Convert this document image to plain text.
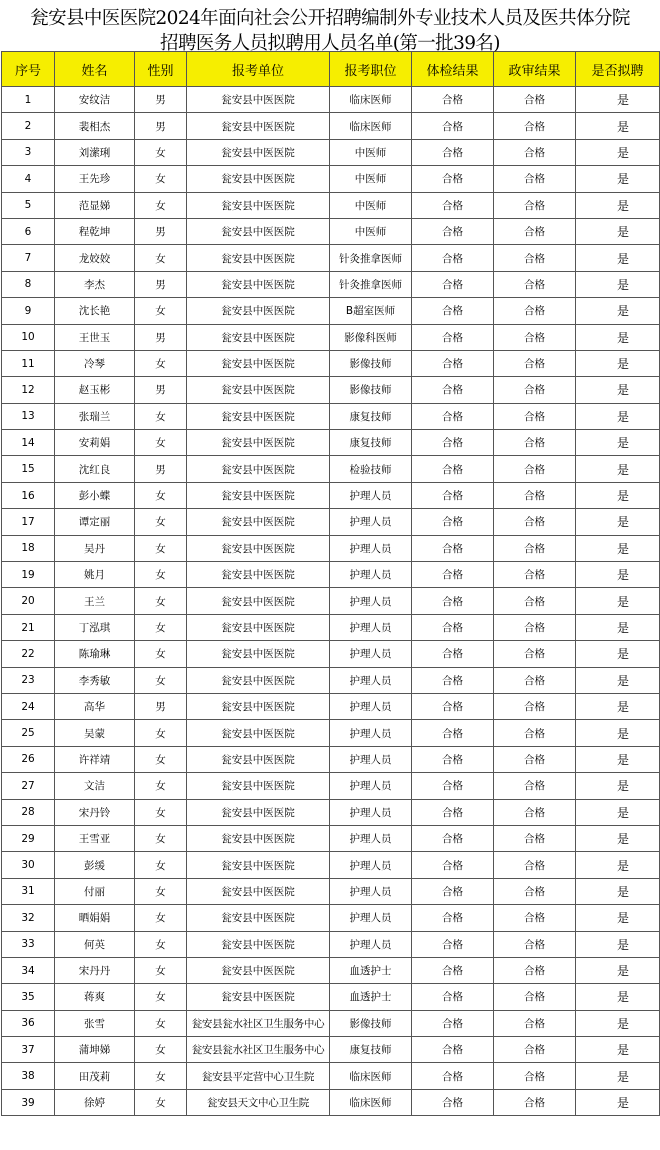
瓮安县中医医院2024年面向社会公开招聘编制外专业技术人员及医共体分院
招聘医务人员拟聘用人员名单(第一批39名)
序号	姓名	性别	报考单位	报考职位	体检结果	政审结果	是否拟聘
1	安纹洁	男	瓮安县中医医院	临床医师	合格	合格	是
2	裴相杰	男	瓮安县中医医院	临床医师	合格	合格	是
3	刘潆琍	女	瓮安县中医医院	中医师	合格	合格	是
4	王先珍	女	瓮安县中医医院	中医师	合格	合格	是
5	范显娣	女	瓮安县中医医院	中医师	合格	合格	是
6	程乾坤	男	瓮安县中医医院	中医师	合格	合格	是
7	龙姣姣	女	瓮安县中医医院	针灸推拿医师	合格	合格	是
8	李杰	男	瓮安县中医医院	针灸推拿医师	合格	合格	是
9	沈长艳	女	瓮安县中医医院	B超室医师	合格	合格	是
10	王世玉	男	瓮安县中医医院	影像科医师	合格	合格	是
11	冷琴	女	瓮安县中医医院	影像技师	合格	合格	是
12	赵玉彬	男	瓮安县中医医院	影像技师	合格	合格	是
13	张瑞兰	女	瓮安县中医医院	康复技师	合格	合格	是
14	安莉娟	女	瓮安县中医医院	康复技师	合格	合格	是
15	沈红良	男	瓮安县中医医院	检验技师	合格	合格	是
16	彭小蝶	女	瓮安县中医医院	护理人员	合格	合格	是
17	谭定丽	女	瓮安县中医医院	护理人员	合格	合格	是
18	吴丹	女	瓮安县中医医院	护理人员	合格	合格	是
19	姚月	女	瓮安县中医医院	护理人员	合格	合格	是
20	王兰	女	瓮安县中医医院	护理人员	合格	合格	是
21	丁泓琪	女	瓮安县中医医院	护理人员	合格	合格	是
22	陈瑜琳	女	瓮安县中医医院	护理人员	合格	合格	是
23	李秀敏	女	瓮安县中医医院	护理人员	合格	合格	是
24	高华	男	瓮安县中医医院	护理人员	合格	合格	是
25	吴蒙	女	瓮安县中医医院	护理人员	合格	合格	是
26	许祥靖	女	瓮安县中医医院	护理人员	合格	合格	是
27	文洁	女	瓮安县中医医院	护理人员	合格	合格	是
28	宋丹铃	女	瓮安县中医医院	护理人员	合格	合格	是
29	王雪亚	女	瓮安县中医医院	护理人员	合格	合格	是
30	彭缓	女	瓮安县中医医院	护理人员	合格	合格	是
31	付丽	女	瓮安县中医医院	护理人员	合格	合格	是
32	晒娟娟	女	瓮安县中医医院	护理人员	合格	合格	是
33	何英	女	瓮安县中医医院	护理人员	合格	合格	是
34	宋丹丹	女	瓮安县中医医院	血透护士	合格	合格	是
35	蒋爽	女	瓮安县中医医院	血透护士	合格	合格	是
36	张雪	女	瓮安县瓮水社区卫生服务中心	影像技师	合格	合格	是
37	蒲坤娣	女	瓮安县瓮水社区卫生服务中心	康复技师	合格	合格	是
38	田茂莉	女	瓮安县平定营中心卫生院	临床医师	合格	合格	是
39	徐婷	女	瓮安县天文中心卫生院	临床医师	合格	合格	是
